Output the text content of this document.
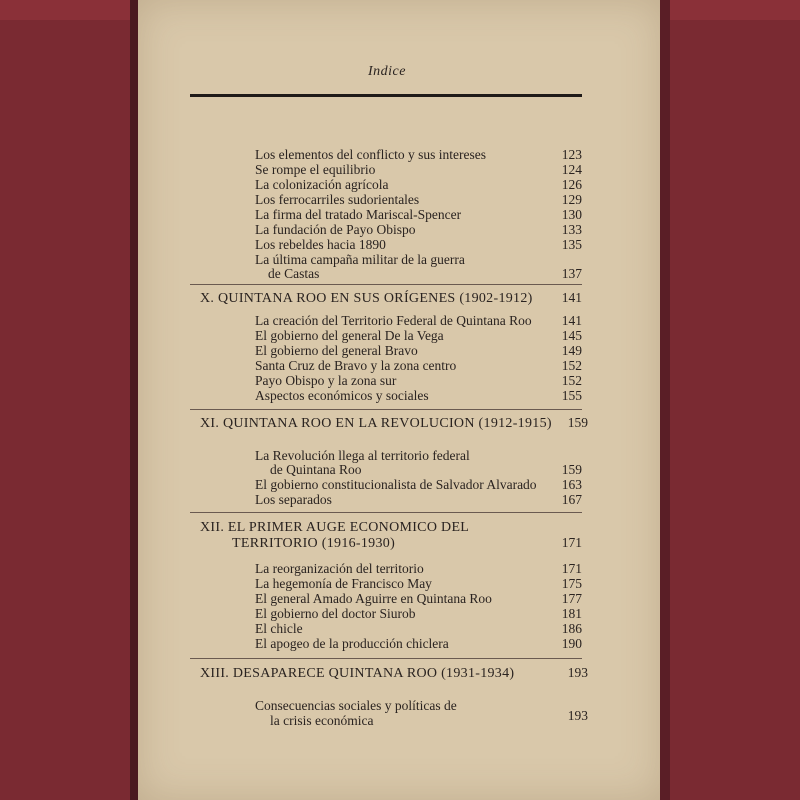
Indice
Los elementos del conflicto y sus intereses	123
Se rompe el equilibrio	124
La colonización agrícola	126
Los ferrocarriles sudorientales	129
La firma del tratado Mariscal-Spencer	130
La fundación de Payo Obispo	133
Los rebeldes hacia 1890	135
La última campaña militar de la guerra
de Castas	137
X. QUINTANA ROO EN SUS ORÍGENES (1902-1912)	141
La creación del Territorio Federal de Quintana Roo	141
El gobierno del general De la Vega	145
El gobierno del general Bravo	149
Santa Cruz de Bravo y la zona centro	152
Payo Obispo y la zona sur	152
Aspectos económicos y sociales	155
XI. QUINTANA ROO EN LA REVOLUCION (1912-1915)	159
La Revolución llega al territorio federal
de Quintana Roo	159
El gobierno constitucionalista de Salvador Alvarado	163
Los separados	167
XII. EL PRIMER AUGE ECONOMICO DEL
TERRITORIO (1916-1930)	171
La reorganización del territorio	171
La hegemonía de Francisco May	175
El general Amado Aguirre en Quintana Roo	177
El gobierno del doctor Siurob	181
El chicle	186
El apogeo de la producción chiclera	190
XIII. DESAPARECE QUINTANA ROO (1931-1934)	193
Consecuencias sociales y políticas de
la crisis económica	193
